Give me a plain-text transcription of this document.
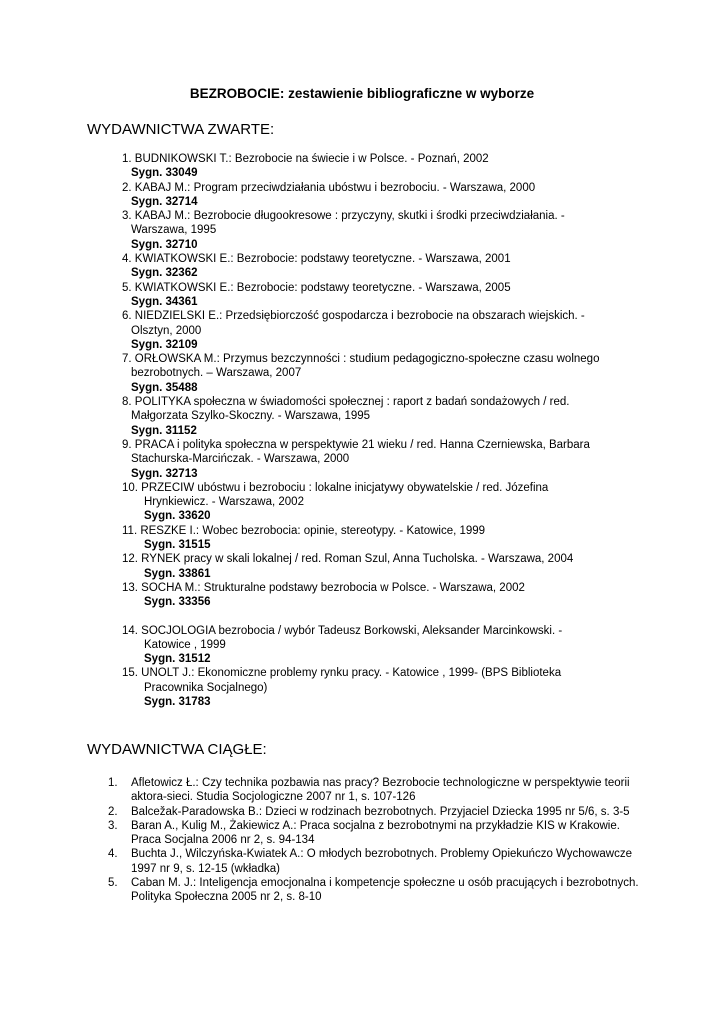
BEZROBOCIE: zestawienie bibliograficzne w wyborze
WYDAWNICTWA ZWARTE:
1. BUDNIKOWSKI T.: Bezrobocie na świecie i w Polsce. - Poznań, 2002
Sygn. 33049
2. KABAJ M.: Program przeciwdziałania ubóstwu i bezrobociu. - Warszawa, 2000
Sygn. 32714
3. KABAJ M.: Bezrobocie długookresowe : przyczyny, skutki i środki przeciwdziałania. - Warszawa, 1995
Sygn. 32710
4. KWIATKOWSKI E.: Bezrobocie: podstawy teoretyczne. - Warszawa, 2001
Sygn. 32362
5. KWIATKOWSKI E.: Bezrobocie: podstawy teoretyczne. - Warszawa, 2005
Sygn. 34361
6. NIEDZIELSKI E.: Przedsiębiorczość gospodarcza i bezrobocie na obszarach wiejskich. - Olsztyn, 2000
Sygn. 32109
7. ORŁOWSKA M.: Przymus bezczynności : studium pedagogiczno-społeczne czasu wolnego bezrobotnych. – Warszawa, 2007
Sygn. 35488
8. POLITYKA społeczna w świadomości społecznej : raport z badań sondażowych / red. Małgorzata Szylko-Skoczny. - Warszawa, 1995
Sygn. 31152
9. PRACA i polityka społeczna w perspektywie 21 wieku / red. Hanna Czerniewska, Barbara Stachurska-Marcińczak. - Warszawa, 2000
Sygn. 32713
10. PRZECIW ubóstwu i bezrobociu : lokalne inicjatywy obywatelskie / red. Józefina Hrynkiewicz. - Warszawa, 2002
Sygn. 33620
11. RESZKE I.: Wobec bezrobocia: opinie, stereotypy. - Katowice, 1999
Sygn. 31515
12. RYNEK pracy w skali lokalnej / red. Roman Szul, Anna Tucholska. - Warszawa, 2004
Sygn. 33861
13. SOCHA M.: Strukturalne podstawy bezrobocia w Polsce. - Warszawa, 2002
Sygn. 33356
14. SOCJOLOGIA bezrobocia / wybór Tadeusz Borkowski, Aleksander Marcinkowski. - Katowice , 1999
Sygn. 31512
15. UNOLT J.: Ekonomiczne problemy rynku pracy. - Katowice , 1999- (BPS Biblioteka Pracownika Socjalnego)
Sygn. 31783
WYDAWNICTWA CIĄGŁE:
1.	Afletowicz Ł.: Czy technika pozbawia nas pracy? Bezrobocie technologiczne w perspektywie teorii aktora-sieci. Studia Socjologiczne 2007 nr 1, s. 107-126
2.	Balcežak-Paradowska B.: Dzieci w rodzinach bezrobotnych. Przyjaciel Dziecka 1995 nr 5/6, s. 3-5
3.	Baran A., Kulig M., Żakiewicz A.: Praca socjalna z bezrobotnymi na przykładzie KIS w Krakowie. Praca Socjalna 2006 nr 2, s. 94-134
4.	Buchta J., Wilczyńska-Kwiatek A.: O młodych bezrobotnych. Problemy Opiekuńczo Wychowawcze 1997 nr 9, s. 12-15 (wkładka)
5.	Caban M. J.: Inteligencja emocjonalna i kompetencje społeczne u osób pracujących i bezrobotnych. Polityka Społeczna 2005 nr 2, s. 8-10
